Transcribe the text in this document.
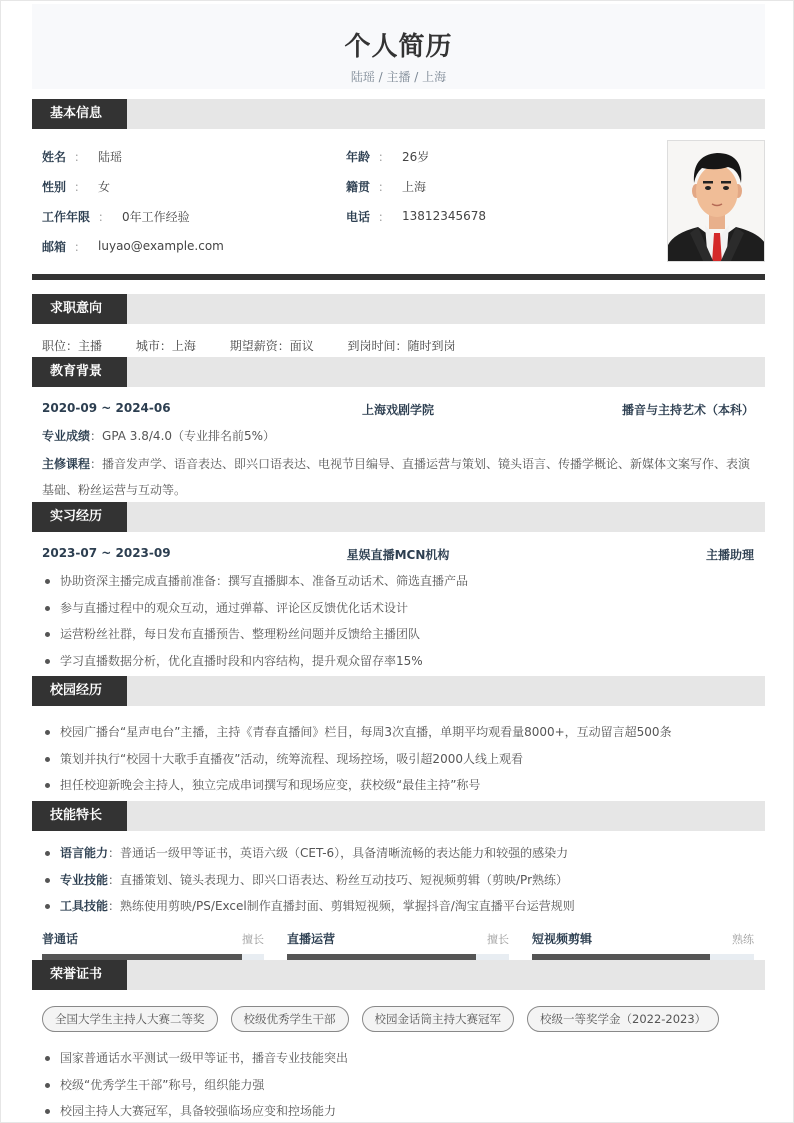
个人简历
陆瑶 / 主播 / 上海
基本信息
姓名 ： 陆瑶	年龄 ： 26岁
性别 ： 女	籍贯 ： 上海
工作年限 ： 0年工作经验	电话 ： 13812345678
邮箱 ： luyao@example.com
求职意向
职位：主播	城市：上海	期望薪资：面议	到岗时间：随时到岗
教育背景
2020-09 ~ 2024-06	上海戏剧学院	播音与主持艺术（本科）
专业成绩：GPA 3.8/4.0（专业排名前5%）
主修课程：播音发声学、语音表达、即兴口语表达、电视节目编导、直播运营与策划、镜头语言、传播学概论、新媒体文案写作、表演基础、粉丝运营与互动等。
实习经历
2023-07 ~ 2023-09	星娱直播MCN机构	主播助理
协助资深主播完成直播前准备：撰写直播脚本、准备互动话术、筛选直播产品
参与直播过程中的观众互动，通过弹幕、评论区反馈优化话术设计
运营粉丝社群，每日发布直播预告、整理粉丝问题并反馈给主播团队
学习直播数据分析，优化直播时段和内容结构，提升观众留存率15%
校园经历
校园广播台“星声电台”主播，主持《青春直播间》栏目，每周3次直播，单期平均观看量8000+，互动留言超500条
策划并执行“校园十大歌手直播夜”活动，统筹流程、现场控场，吸引超2000人线上观看
担任校迎新晚会主持人，独立完成串词撰写和现场应变，获校级“最佳主持”称号
技能特长
语言能力：普通话一级甲等证书，英语六级（CET-6），具备清晰流畅的表达能力和较强的感染力
专业技能：直播策划、镜头表现力、即兴口语表达、粉丝互动技巧、短视频剪辑（剪映/Pr熟练）
工具技能：熟练使用剪映/PS/Excel制作直播封面、剪辑短视频，掌握抖音/淘宝直播平台运营规则
普通话	擅长 直播运营	擅长 短视频剪辑	熟练
荣誉证书
全国大学生主持人大赛二等奖	校级优秀学生干部	校园金话筒主持大赛冠军	校级一等奖学金（2022-2023）
国家普通话水平测试一级甲等证书，播音专业技能突出
校级“优秀学生干部”称号，组织能力强
校园主持人大赛冠军，具备较强临场应变和控场能力
